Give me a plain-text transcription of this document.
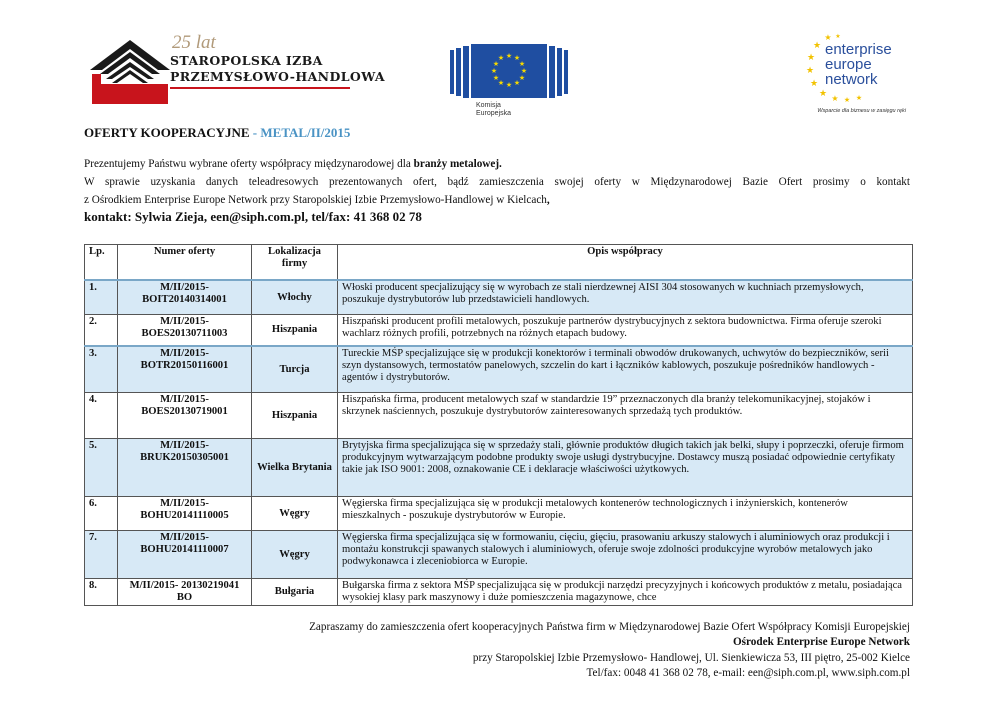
25 lat
STAROPOLSKA IZBA
PRZEMYSŁOWO-HANDLOWA
★ ★
★
★
★
★
★
★
★
★
★
★
Komisja
Europejska
★
★
★
★
★
★ ★ ★ ★
★
enterprise
europe
network
Wsparcie dla biznesu w zasięgu ręki
OFERTY KOOPERACYJNE - METAL/II/2015
Prezentujemy Państwu wybrane oferty współpracy międzynarodowej dla branży metalowej.
W sprawie uzyskania danych teleadresowych prezentowanych ofert, bądź zamieszczenia swojej oferty w Międzynarodowej Bazie Ofert prosimy o kontakt
z Ośrodkiem Enterprise Europe Network przy Staropolskiej Izbie Przemysłowo-Handlowej w Kielcach,
kontakt: Sylwia Zieja, een@siph.com.pl, tel/fax: 41 368 02 78
Lp.	Numer oferty	Lokalizacja firmy	Opis współpracy
1.	M/II/2015- BOIT20140314001	Włochy	Włoski producent specjalizujący się w wyrobach ze stali nierdzewnej AISI 304 stosowanych w kuchniach przemysłowych, poszukuje dystrybutorów lub przedstawicieli handlowych.
2.	M/II/2015- BOES20130711003	Hiszpania	Hiszpański producent profili metalowych, poszukuje partnerów dystrybucyjnych z sektora budownictwa. Firma oferuje szeroki wachlarz różnych profili, potrzebnych na różnych etapach budowy.
3.	M/II/2015- BOTR20150116001	Turcja	Tureckie MŚP specjalizujące się w produkcji konektorów i terminali obwodów drukowanych, uchwytów do bezpieczników, serii szyn dystansowych, termostatów panelowych, szczelin do kart i łączników kablowych, poszukuje pośredników handlowych - agentów i dystrybutorów.
4.	M/II/2015- BOES20130719001	Hiszpania	Hiszpańska firma, producent metalowych szaf w standardzie 19” przeznaczonych dla branży telekomunikacyjnej, stojaków i skrzynek naściennych, poszukuje dystrybutorów zainteresowanych sprzedażą tych produktów.
5.	M/II/2015- BRUK20150305001	Wielka Brytania	Brytyjska firma specjalizująca się w sprzedaży stali, głównie produktów długich takich jak belki, słupy i poprzeczki, oferuje firmom produkcyjnym wytwarzającym podobne produkty swoje usługi dystrybucyjne. Dostawcy muszą posiadać odpowiednie certyfikaty takie jak ISO 9001: 2008, oznakowanie CE i deklaracje właściwości użytkowych.
6.	M/II/2015- BOHU20141110005	Węgry	Węgierska firma specjalizująca się w produkcji metalowych kontenerów technologicznych i inżynierskich, kontenerów mieszkalnych - poszukuje dystrybutorów w Europie.
7.	M/II/2015- BOHU20141110007	Węgry	Węgierska firma specjalizująca się w formowaniu, cięciu, gięciu, prasowaniu arkuszy stalowych i aluminiowych oraz produkcji i montażu konstrukcji spawanych stalowych i aluminiowych, oferuje swoje zdolności produkcyjne wyrobów metalowych jako podwykonawca i zleceniobiorca w Europie.
8.	M/II/2015- 20130219041 BO	Bułgaria	Bułgarska firma z sektora MŚP specjalizująca się w produkcji narzędzi precyzyjnych i końcowych produktów z metalu, posiadająca wysokiej klasy park maszynowy i duże pomieszczenia magazynowe, chce
Zapraszamy do zamieszczenia ofert kooperacyjnych Państwa firm w Międzynarodowej Bazie Ofert Współpracy Komisji Europejskiej
Ośrodek Enterprise Europe Network
przy Staropolskiej Izbie Przemysłowo- Handlowej, Ul. Sienkiewicza 53, III piętro, 25-002 Kielce
Tel/fax: 0048 41 368 02 78, e-mail: een@siph.com.pl, www.siph.com.pl
